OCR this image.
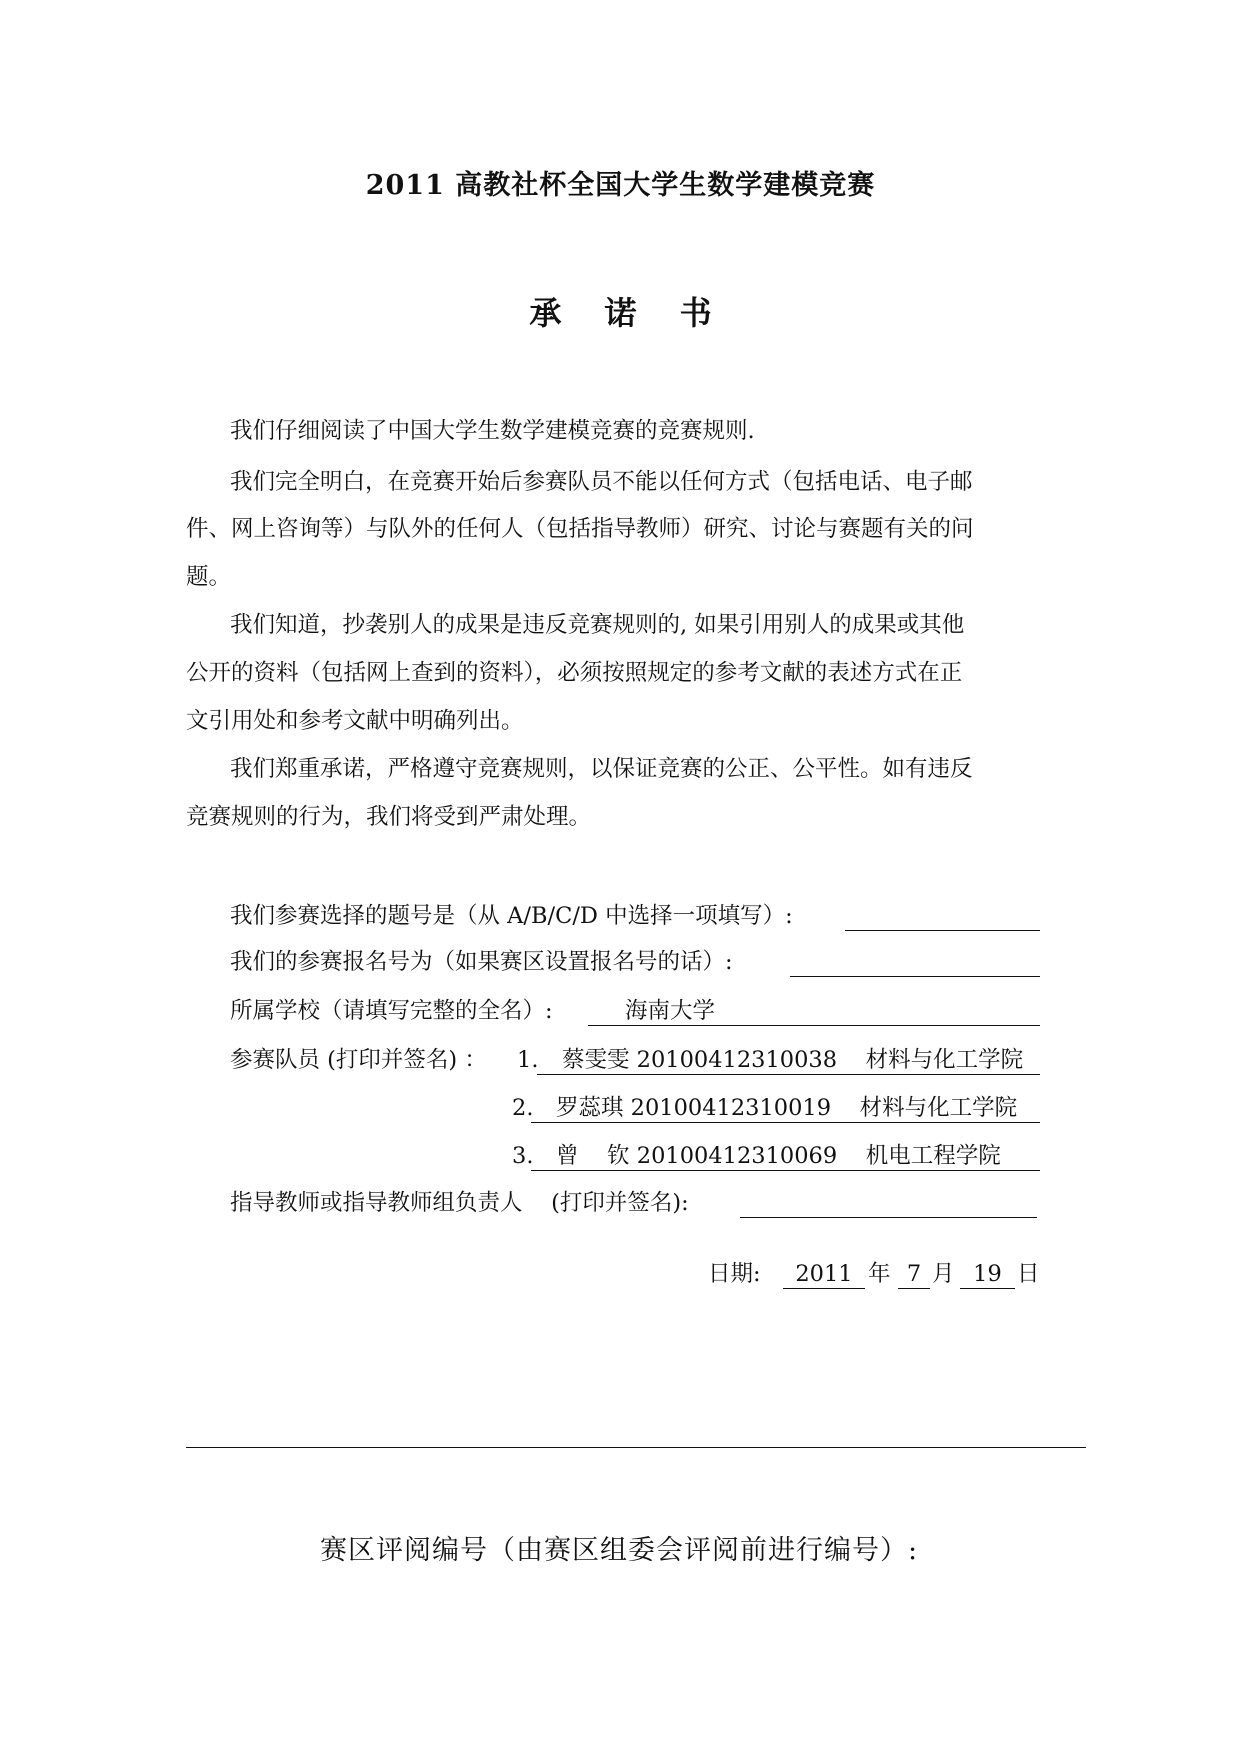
2011 高教社杯全国大学生数学建模竞赛
承 诺 书
我们仔细阅读了中国大学生数学建模竞赛的竞赛规则.
我们完全明白，在竞赛开始后参赛队员不能以任何方式（包括电话、电子邮
件、网上咨询等）与队外的任何人（包括指导教师）研究、讨论与赛题有关的问
题。
我们知道，抄袭别人的成果是违反竞赛规则的, 如果引用别人的成果或其他
公开的资料（包括网上查到的资料），必须按照规定的参考文献的表述方式在正
文引用处和参考文献中明确列出。
我们郑重承诺，严格遵守竞赛规则，以保证竞赛的公正、公平性。如有违反
竞赛规则的行为，我们将受到严肃处理。
我们参赛选择的题号是（从 A/B/C/D 中选择一项填写）:
我们的参赛报名号为（如果赛区设置报名号的话）:
所属学校（请填写完整的全名）:	海南大学
参赛队员 (打印并签名) ： 1. 蔡雯雯 20100412310038    材料与化工学院
2. 罗蕊琪 20100412310019    材料与化工学院
3. 曾    钦 20100412310069    机电工程学院
指导教师或指导教师组负责人    (打印并签名):
日期:	2011 年 7 月 19 日
赛区评阅编号（由赛区组委会评阅前进行编号）:
